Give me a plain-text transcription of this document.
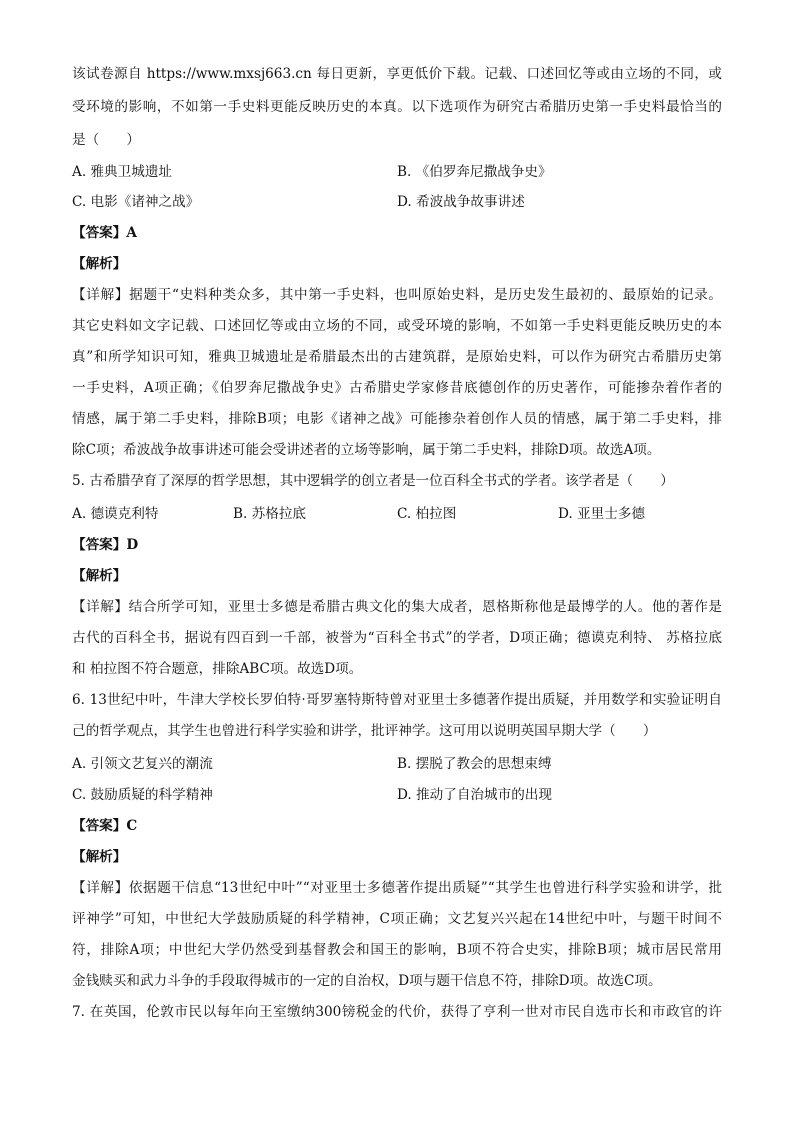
该试卷源自 https://www.mxsj663.cn 每日更新，享更低价下载。记载、口述回忆等或由立场的不同，或
受环境的影响，不如第一手史料更能反映历史的本真。以下选项作为研究古希腊历史第一手史料最恰当的
是（　　）
A. 雅典卫城遗址	B. 《伯罗奔尼撒战争史》
C. 电影《诸神之战》	D. 希波战争故事讲述
【答案】A
【解析】
【详解】据题干“史料种类众多，其中第一手史料，也叫原始史料，是历史发生最初的、最原始的记录。
其它史料如文字记载、口述回忆等或由立场的不同，或受环境的影响，不如第一手史料更能反映历史的本
真”和所学知识可知，雅典卫城遗址是希腊最杰出的古建筑群，是原始史料，可以作为研究古希腊历史第
一手史料，A项正确；《伯罗奔尼撒战争史》古希腊史学家修昔底德创作的历史著作，可能掺杂着作者的
情感，属于第二手史料，排除B项；电影《诸神之战》可能掺杂着创作人员的情感，属于第二手史料，排
除C项；希波战争故事讲述可能会受讲述者的立场等影响，属于第二手史料，排除D项。故选A项。
5. 古希腊孕育了深厚的哲学思想，其中逻辑学的创立者是一位百科全书式的学者。该学者是（　　）
A. 德谟克利特	B. 苏格拉底	C. 柏拉图	D. 亚里士多德
【答案】D
【解析】
【详解】结合所学可知，亚里士多德是希腊古典文化的集大成者，恩格斯称他是最博学的人。他的著作是
古代的百科全书，据说有四百到一千部，被誉为“百科全书式”的学者，D项正确；德谟克利特、 苏格拉底
和 柏拉图不符合题意，排除ABC项。故选D项。
6. 13世纪中叶，牛津大学校长罗伯特·哥罗塞特斯特曾对亚里士多德著作提出质疑，并用数学和实验证明自
己的哲学观点，其学生也曾进行科学实验和讲学，批评神学。这可用以说明英国早期大学（　　）
A. 引领文艺复兴的潮流	B. 摆脱了教会的思想束缚
C. 鼓励质疑的科学精神	D. 推动了自治城市的出现
【答案】C
【解析】
【详解】依据题干信息“13世纪中叶”“对亚里士多德著作提出质疑”“其学生也曾进行科学实验和讲学，批
评神学”可知，中世纪大学鼓励质疑的科学精神，C项正确；文艺复兴兴起在14世纪中叶，与题干时间不
符，排除A项；中世纪大学仍然受到基督教会和国王的影响，B项不符合史实，排除B项；城市居民常用
金钱赎买和武力斗争的手段取得城市的一定的自治权，D项与题干信息不符，排除D项。故选C项。
7. 在英国，伦敦市民以每年向王室缴纳300镑税金的代价，获得了亨利一世对市民自选市长和市政官的许
